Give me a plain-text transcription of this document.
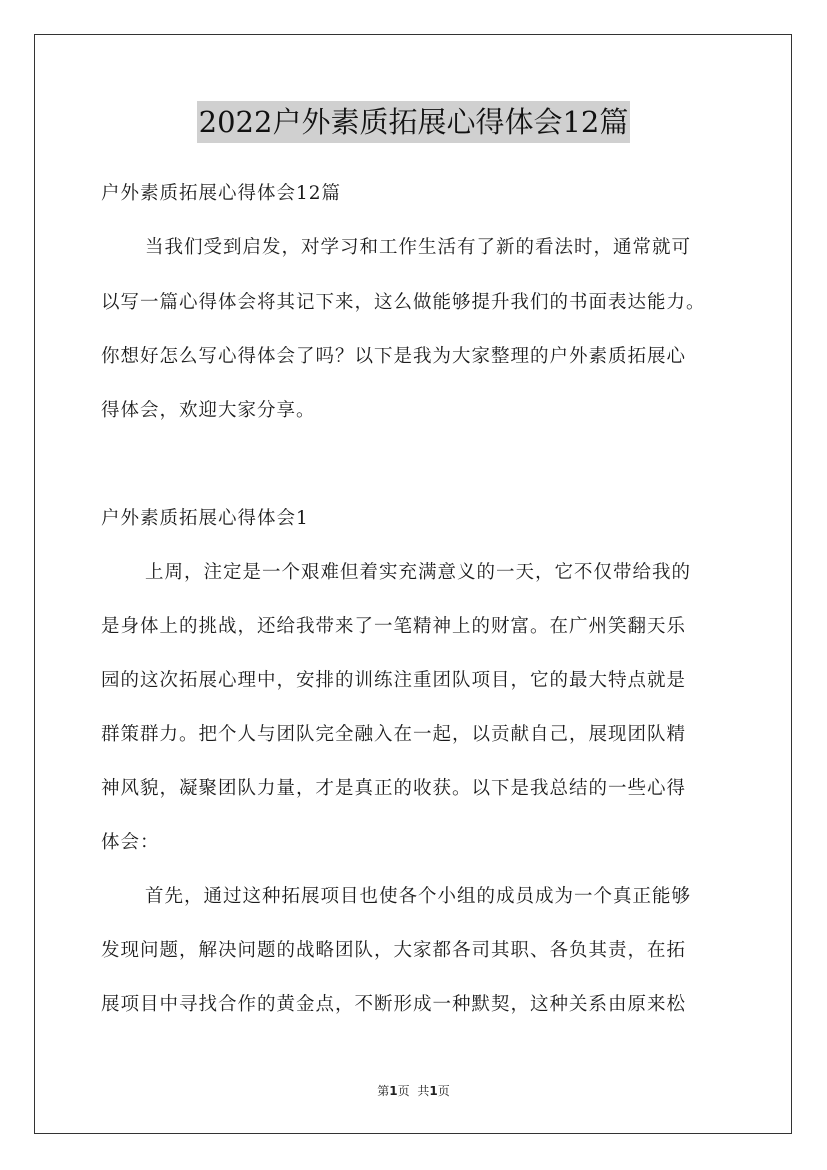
2022户外素质拓展心得体会12篇
户外素质拓展心得体会12篇
当我们受到启发，对学习和工作生活有了新的看法时，通常就可
以写一篇心得体会将其记下来，这么做能够提升我们的书面表达能力。
你想好怎么写心得体会了吗？以下是我为大家整理的户外素质拓展心
得体会，欢迎大家分享。
户外素质拓展心得体会1
上周，注定是一个艰难但着实充满意义的一天，它不仅带给我的
是身体上的挑战，还给我带来了一笔精神上的财富。在广州笑翻天乐
园的这次拓展心理中，安排的训练注重团队项目，它的最大特点就是
群策群力。把个人与团队完全融入在一起，以贡献自己，展现团队精
神风貌，凝聚团队力量，才是真正的收获。以下是我总结的一些心得
体会：
首先，通过这种拓展项目也使各个小组的成员成为一个真正能够
发现问题，解决问题的战略团队，大家都各司其职、各负其责，在拓
展项目中寻找合作的黄金点，不断形成一种默契，这种关系由原来松
第1页 共1页
